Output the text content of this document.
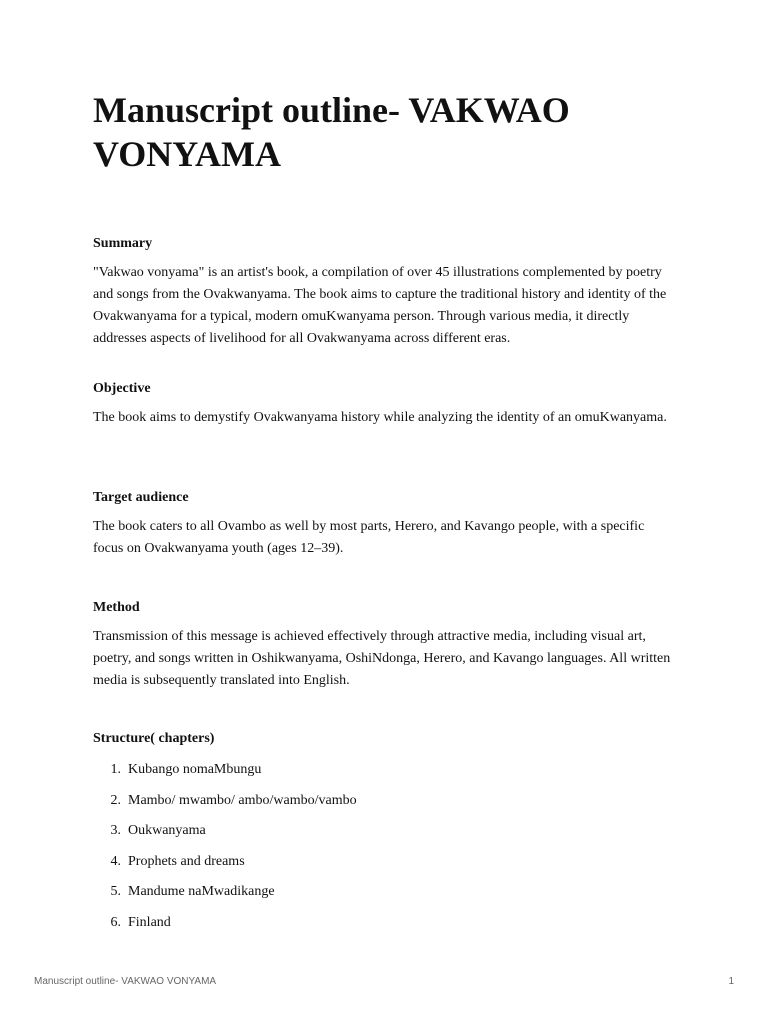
Manuscript outline- VAKWAO VONYAMA

Summary

"Vakwao vonyama" is an artist's book, a compilation of over 45 illustrations complemented by poetry and songs from the Ovakwanyama. The book aims to capture the traditional history and identity of the Ovakwanyama for a typical, modern omuKwanyama person. Through various media, it directly addresses aspects of livelihood for all Ovakwanyama across different eras.

Objective

The book aims to demystify Ovakwanyama history while analyzing the identity of an omuKwanyama.

Target audience

The book caters to all Ovambo as well by most parts, Herero, and Kavango people, with a specific focus on Ovakwanyama youth (ages 12–39).

Method

Transmission of this message is achieved effectively through attractive media, including visual art, poetry, and songs written in Oshikwanyama, OshiNdonga, Herero, and Kavango languages. All written media is subsequently translated into English.

Structure( chapters)

1.
Kubango nomaMbungu
2.
Mambo/ mwambo/ ambo/wambo/vambo
3.
Oukwanyama
4.
Prophets and dreams
5.
Mandume naMwadikange
6.
Finland
Manuscript outline- VAKWAO VONYAMA	1
